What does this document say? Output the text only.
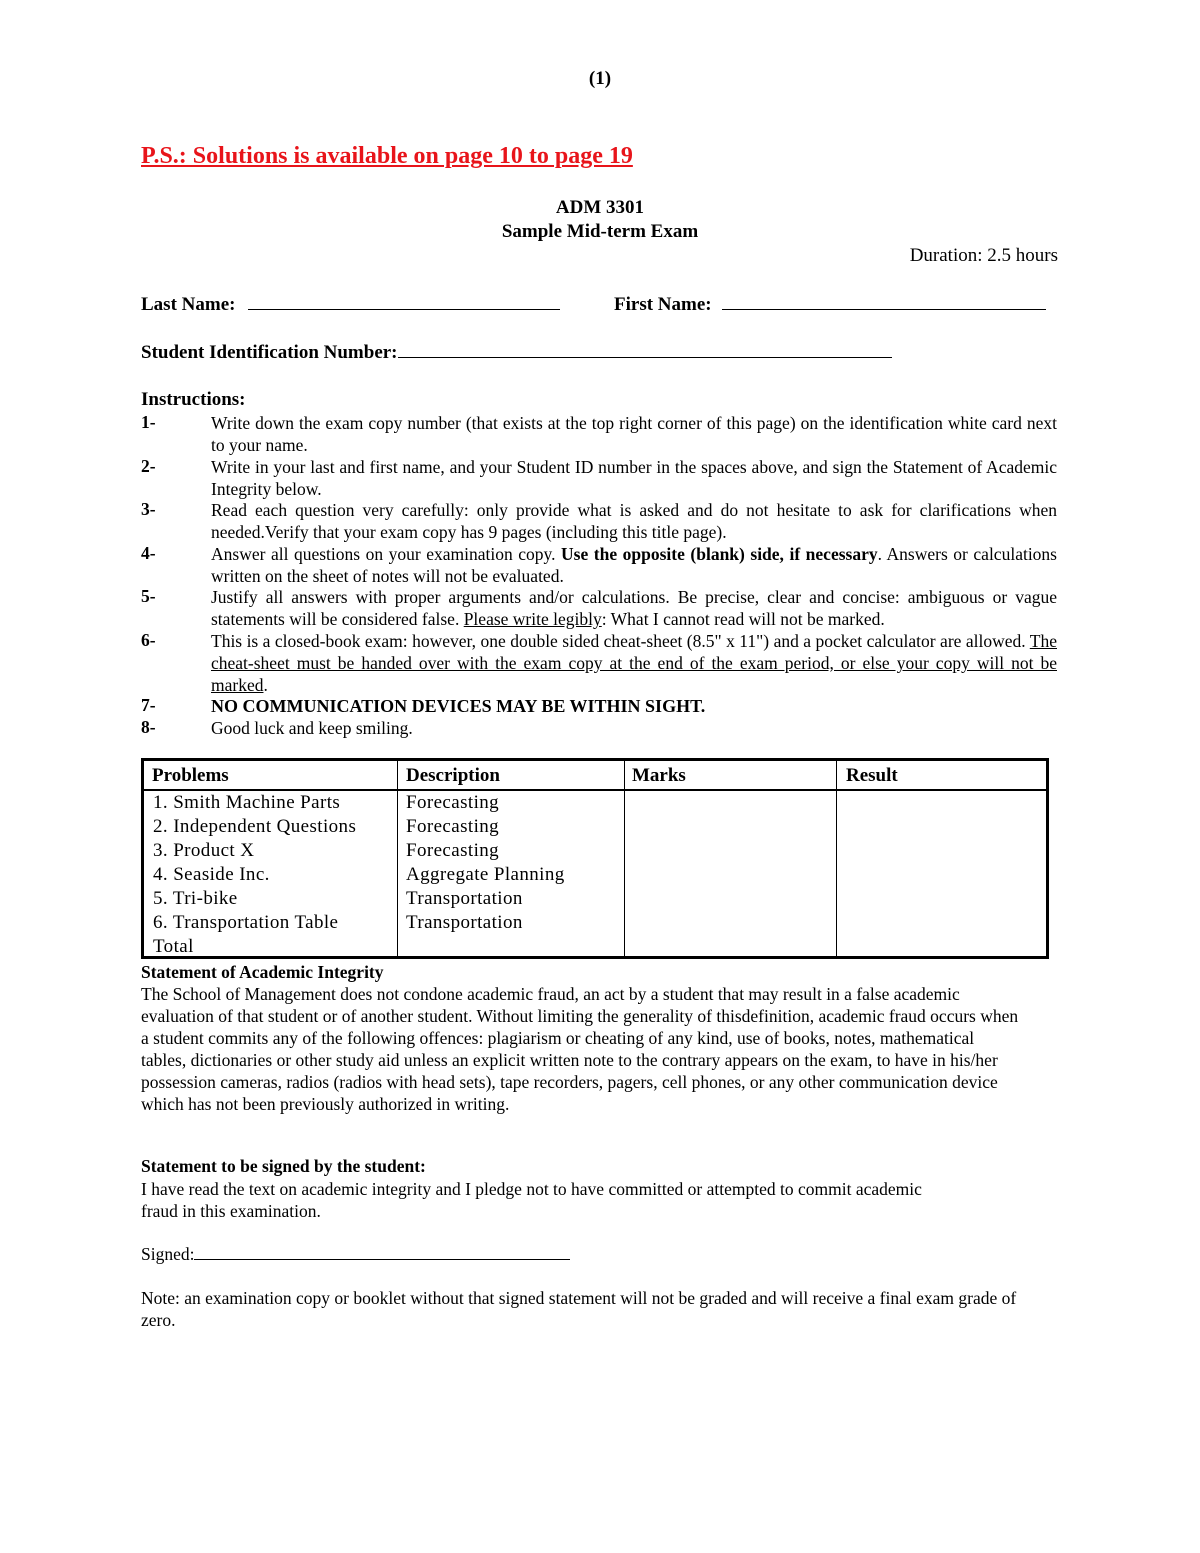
(1)
P.S.: Solutions is available on page 10 to page 19
ADM 3301
Sample Mid-term Exam
Duration: 2.5 hours
Last Name:	First Name:
Student Identification Number:
Instructions:
1-	Write down the exam copy number (that exists at the top right corner of this page) on the identification white card next to your name.
2-	Write in your last and first name, and your Student ID number in the spaces above, and sign the Statement of Academic Integrity below.
3-	Read each question very carefully: only provide what is asked and do not hesitate to ask for clarifications when needed.Verify that your exam copy has 9 pages (including this title page).
4-	Answer all questions on your examination copy. Use the opposite (blank) side, if necessary. Answers or calculations written on the sheet of notes will not be evaluated.
5-	Justify all answers with proper arguments and/or calculations. Be precise, clear and concise: ambiguous or vague statements will be considered false. Please write legibly: What I cannot read will not be marked.
6-	This is a closed-book exam: however, one double sided cheat-sheet (8.5" x 11") and a pocket calculator are allowed. The cheat-sheet must be handed over with the exam copy at the end of the exam period, or else your copy will not be marked.
7-	NO COMMUNICATION DEVICES MAY BE WITHIN SIGHT.
8-	Good luck and keep smiling.
Problems	Description	Marks	Result
1. Smith Machine Parts	Forecasting
2. Independent Questions	Forecasting
3. Product X	Forecasting
4. Seaside Inc.	Aggregate Planning
5. Tri-bike	Transportation
6. Transportation Table	Transportation
Total
Statement of Academic Integrity
The School of Management does not condone academic fraud, an act by a student that may result in a false academic evaluation of that student or of another student. Without limiting the generality of thisdefinition, academic fraud occurs when a student commits any of the following offences: plagiarism or cheating of any kind, use of books, notes, mathematical tables, dictionaries or other study aid unless an explicit written note to the contrary appears on the exam, to have in his/her possession cameras, radios (radios with head sets), tape recorders, pagers, cell phones, or any other communication device which has not been previously authorized in writing.
Statement to be signed by the student:
I have read the text on academic integrity and I pledge not to have committed or attempted to commit academic fraud in this examination.
Signed:
Note: an examination copy or booklet without that signed statement will not be graded and will receive a final exam grade of zero.
